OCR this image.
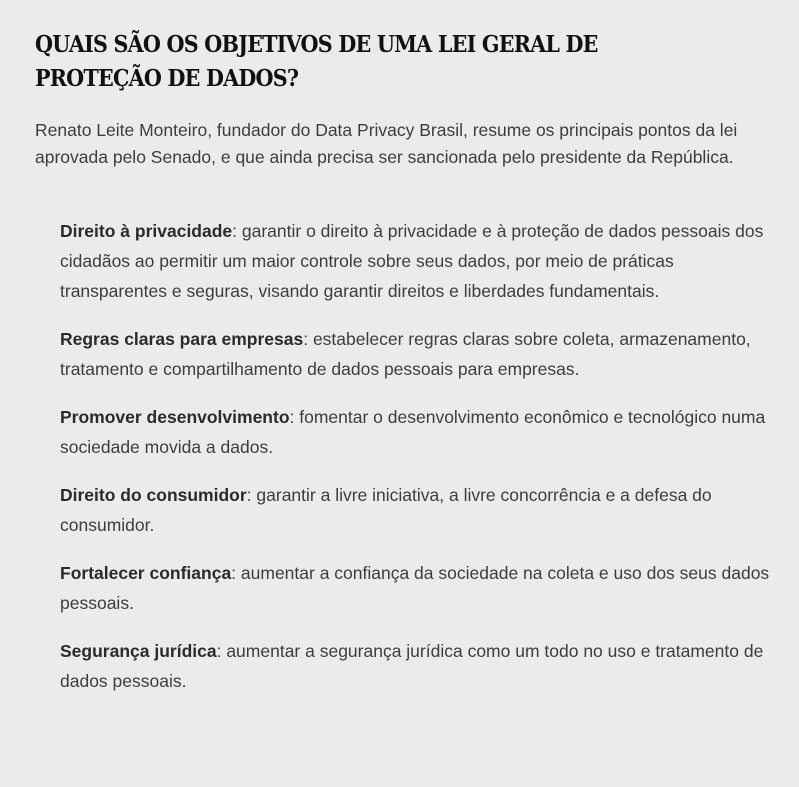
QUAIS SÃO OS OBJETIVOS DE UMA LEI GERAL DE PROTEÇÃO DE DADOS?

Renato Leite Monteiro, fundador do Data Privacy Brasil, resume os principais pontos da lei aprovada pelo Senado, e que ainda precisa ser sancionada pelo presidente da República.

Direito à privacidade: garantir o direito à privacidade e à proteção de dados pessoais dos cidadãos ao permitir um maior controle sobre seus dados, por meio de práticas transparentes e seguras, visando garantir direitos e liberdades fundamentais.
Regras claras para empresas: estabelecer regras claras sobre coleta, armazenamento, tratamento e compartilhamento de dados pessoais para empresas.
Promover desenvolvimento: fomentar o desenvolvimento econômico e tecnológico numa sociedade movida a dados.
Direito do consumidor: garantir a livre iniciativa, a livre concorrência e a defesa do consumidor.
Fortalecer confiança: aumentar a confiança da sociedade na coleta e uso dos seus dados pessoais.
Segurança jurídica: aumentar a segurança jurídica como um todo no uso e tratamento de dados pessoais.
